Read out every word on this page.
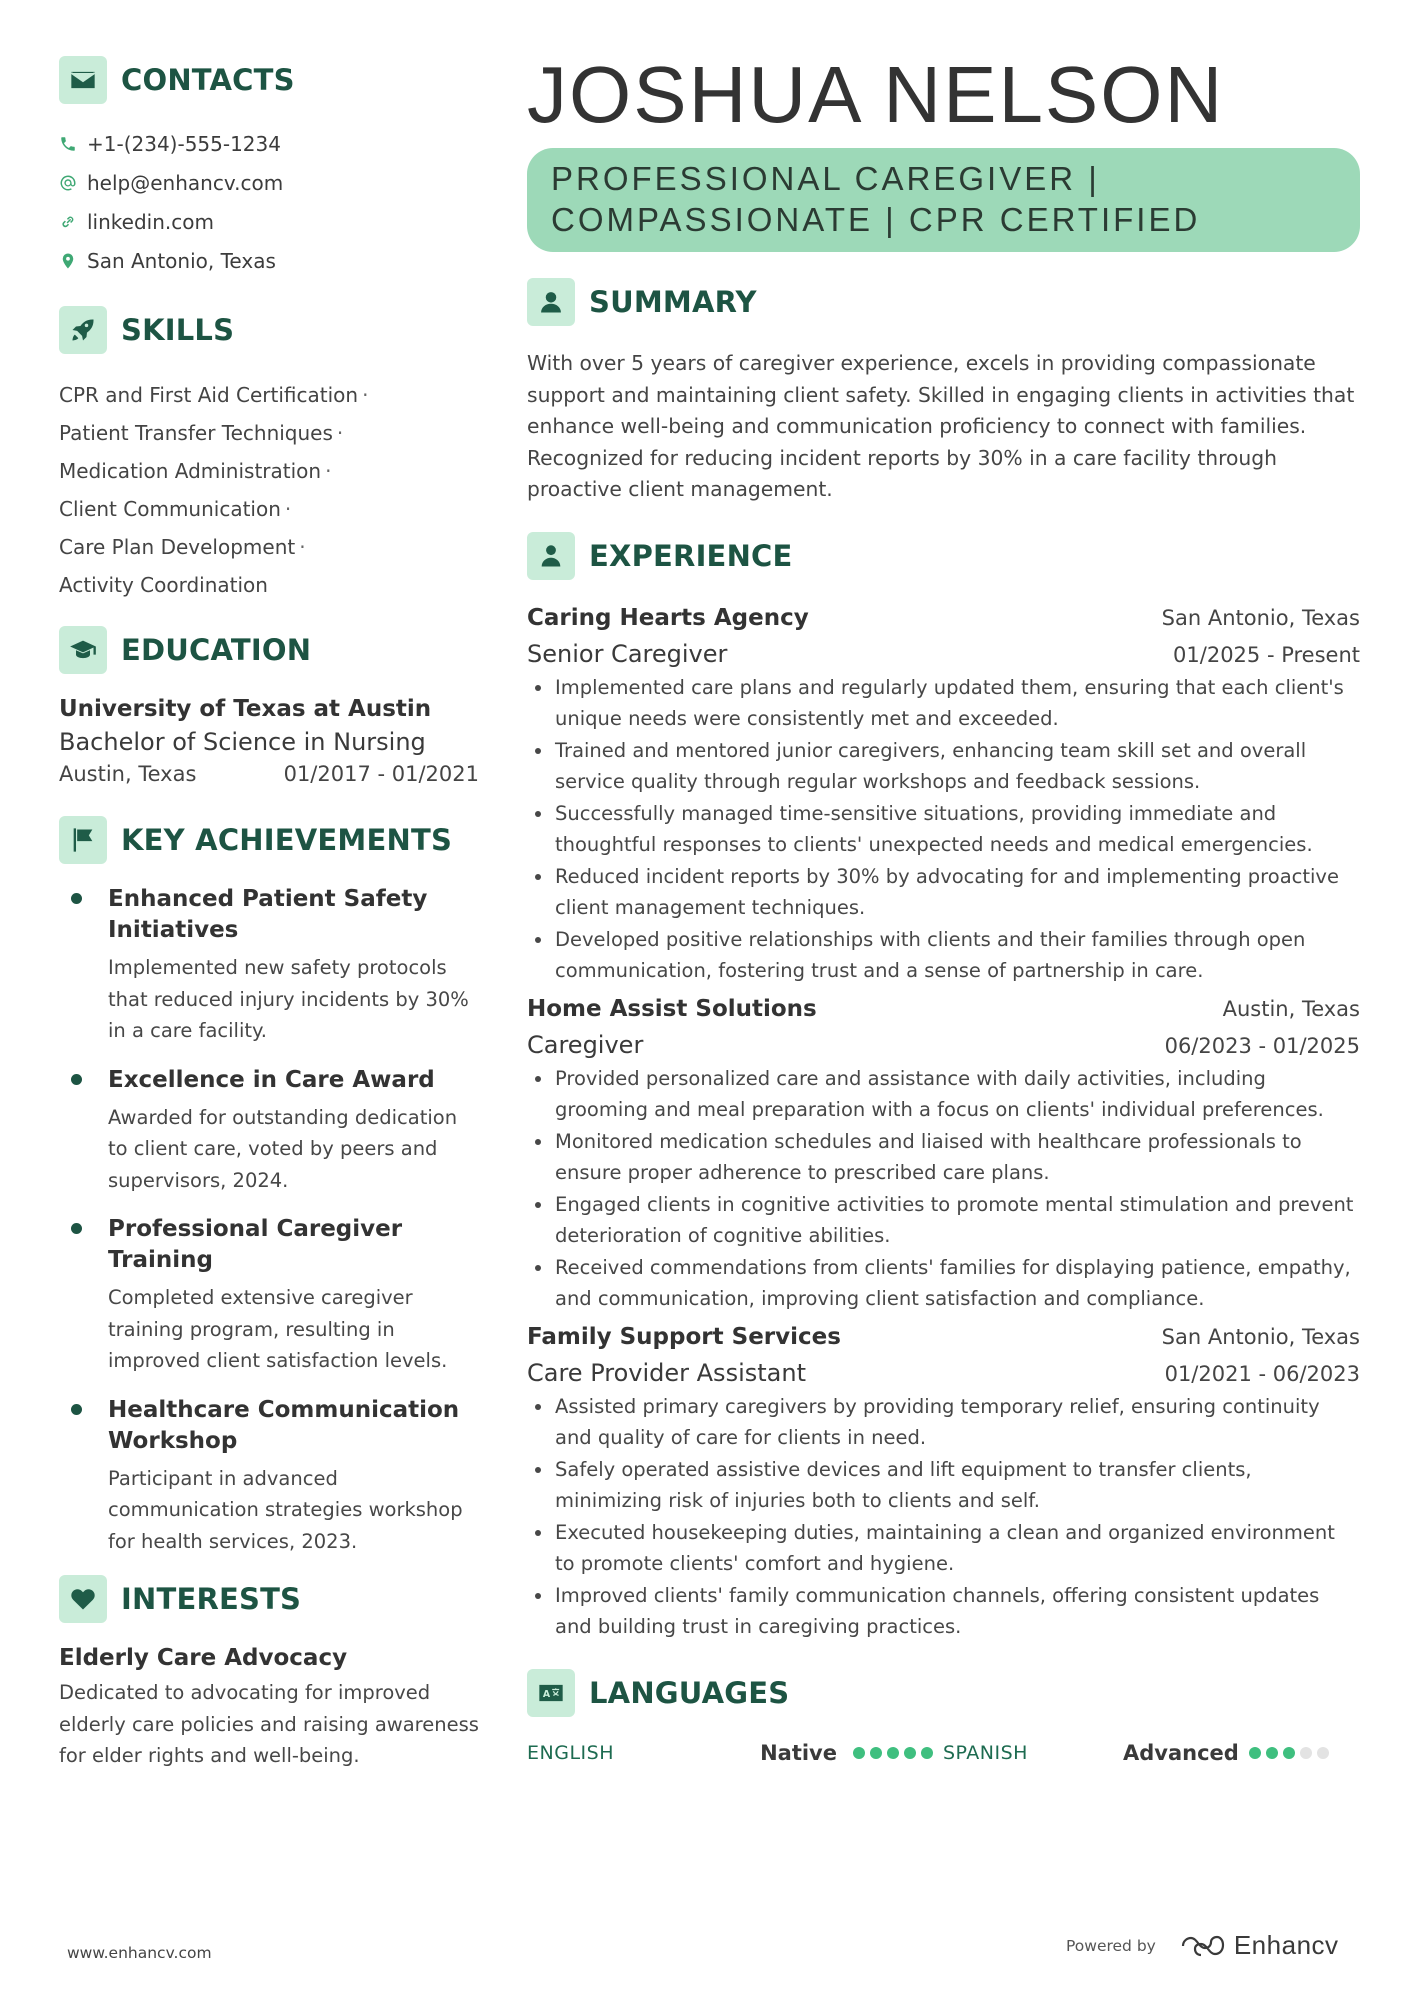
CONTACTS
+1-(234)-555-1234
help@enhancv.com
linkedin.com
San Antonio, Texas
SKILLS
CPR and First Aid Certification ·
Patient Transfer Techniques ·
Medication Administration ·
Client Communication ·
Care Plan Development ·
Activity Coordination
EDUCATION
University of Texas at Austin
Bachelor of Science in Nursing
Austin, Texas	01/2017 - 01/2021
KEY ACHIEVEMENTS
Enhanced Patient Safety Initiatives
Implemented new safety protocols that reduced injury incidents by 30% in a care facility.
Excellence in Care Award
Awarded for outstanding dedication to client care, voted by peers and supervisors, 2024.
Professional Caregiver Training
Completed extensive caregiver training program, resulting in improved client satisfaction levels.
Healthcare Communication Workshop
Participant in advanced communication strategies workshop for health services, 2023.
INTERESTS
Elderly Care Advocacy
Dedicated to advocating for improved elderly care policies and raising awareness for elder rights and well-being.
JOSHUA NELSON
PROFESSIONAL CAREGIVER |
COMPASSIONATE | CPR CERTIFIED
SUMMARY
With over 5 years of caregiver experience, excels in providing compassionate support and maintaining client safety. Skilled in engaging clients in activities that enhance well-being and communication proficiency to connect with families. Recognized for reducing incident reports by 30% in a care facility through proactive client management.
EXPERIENCE
Caring Hearts Agency	San Antonio, Texas
Senior Caregiver	01/2025 - Present
Implemented care plans and regularly updated them, ensuring that each client's unique needs were consistently met and exceeded.
Trained and mentored junior caregivers, enhancing team skill set and overall service quality through regular workshops and feedback sessions.
Successfully managed time-sensitive situations, providing immediate and thoughtful responses to clients' unexpected needs and medical emergencies.
Reduced incident reports by 30% by advocating for and implementing proactive client management techniques.
Developed positive relationships with clients and their families through open communication, fostering trust and a sense of partnership in care.
Home Assist Solutions	Austin, Texas
Caregiver	06/2023 - 01/2025
Provided personalized care and assistance with daily activities, including grooming and meal preparation with a focus on clients' individual preferences.
Monitored medication schedules and liaised with healthcare professionals to ensure proper adherence to prescribed care plans.
Engaged clients in cognitive activities to promote mental stimulation and prevent deterioration of cognitive abilities.
Received commendations from clients' families for displaying patience, empathy, and communication, improving client satisfaction and compliance.
Family Support Services	San Antonio, Texas
Care Provider Assistant	01/2021 - 06/2023
Assisted primary caregivers by providing temporary relief, ensuring continuity and quality of care for clients in need.
Safely operated assistive devices and lift equipment to transfer clients, minimizing risk of injuries both to clients and self.
Executed housekeeping duties, maintaining a clean and organized environment to promote clients' comfort and hygiene.
Improved clients' family communication channels, offering consistent updates and building trust in caregiving practices.
A LANGUAGES
ENGLISH	Native	SPANISH	Advanced
www.enhancv.com	Powered by	Enhancv
